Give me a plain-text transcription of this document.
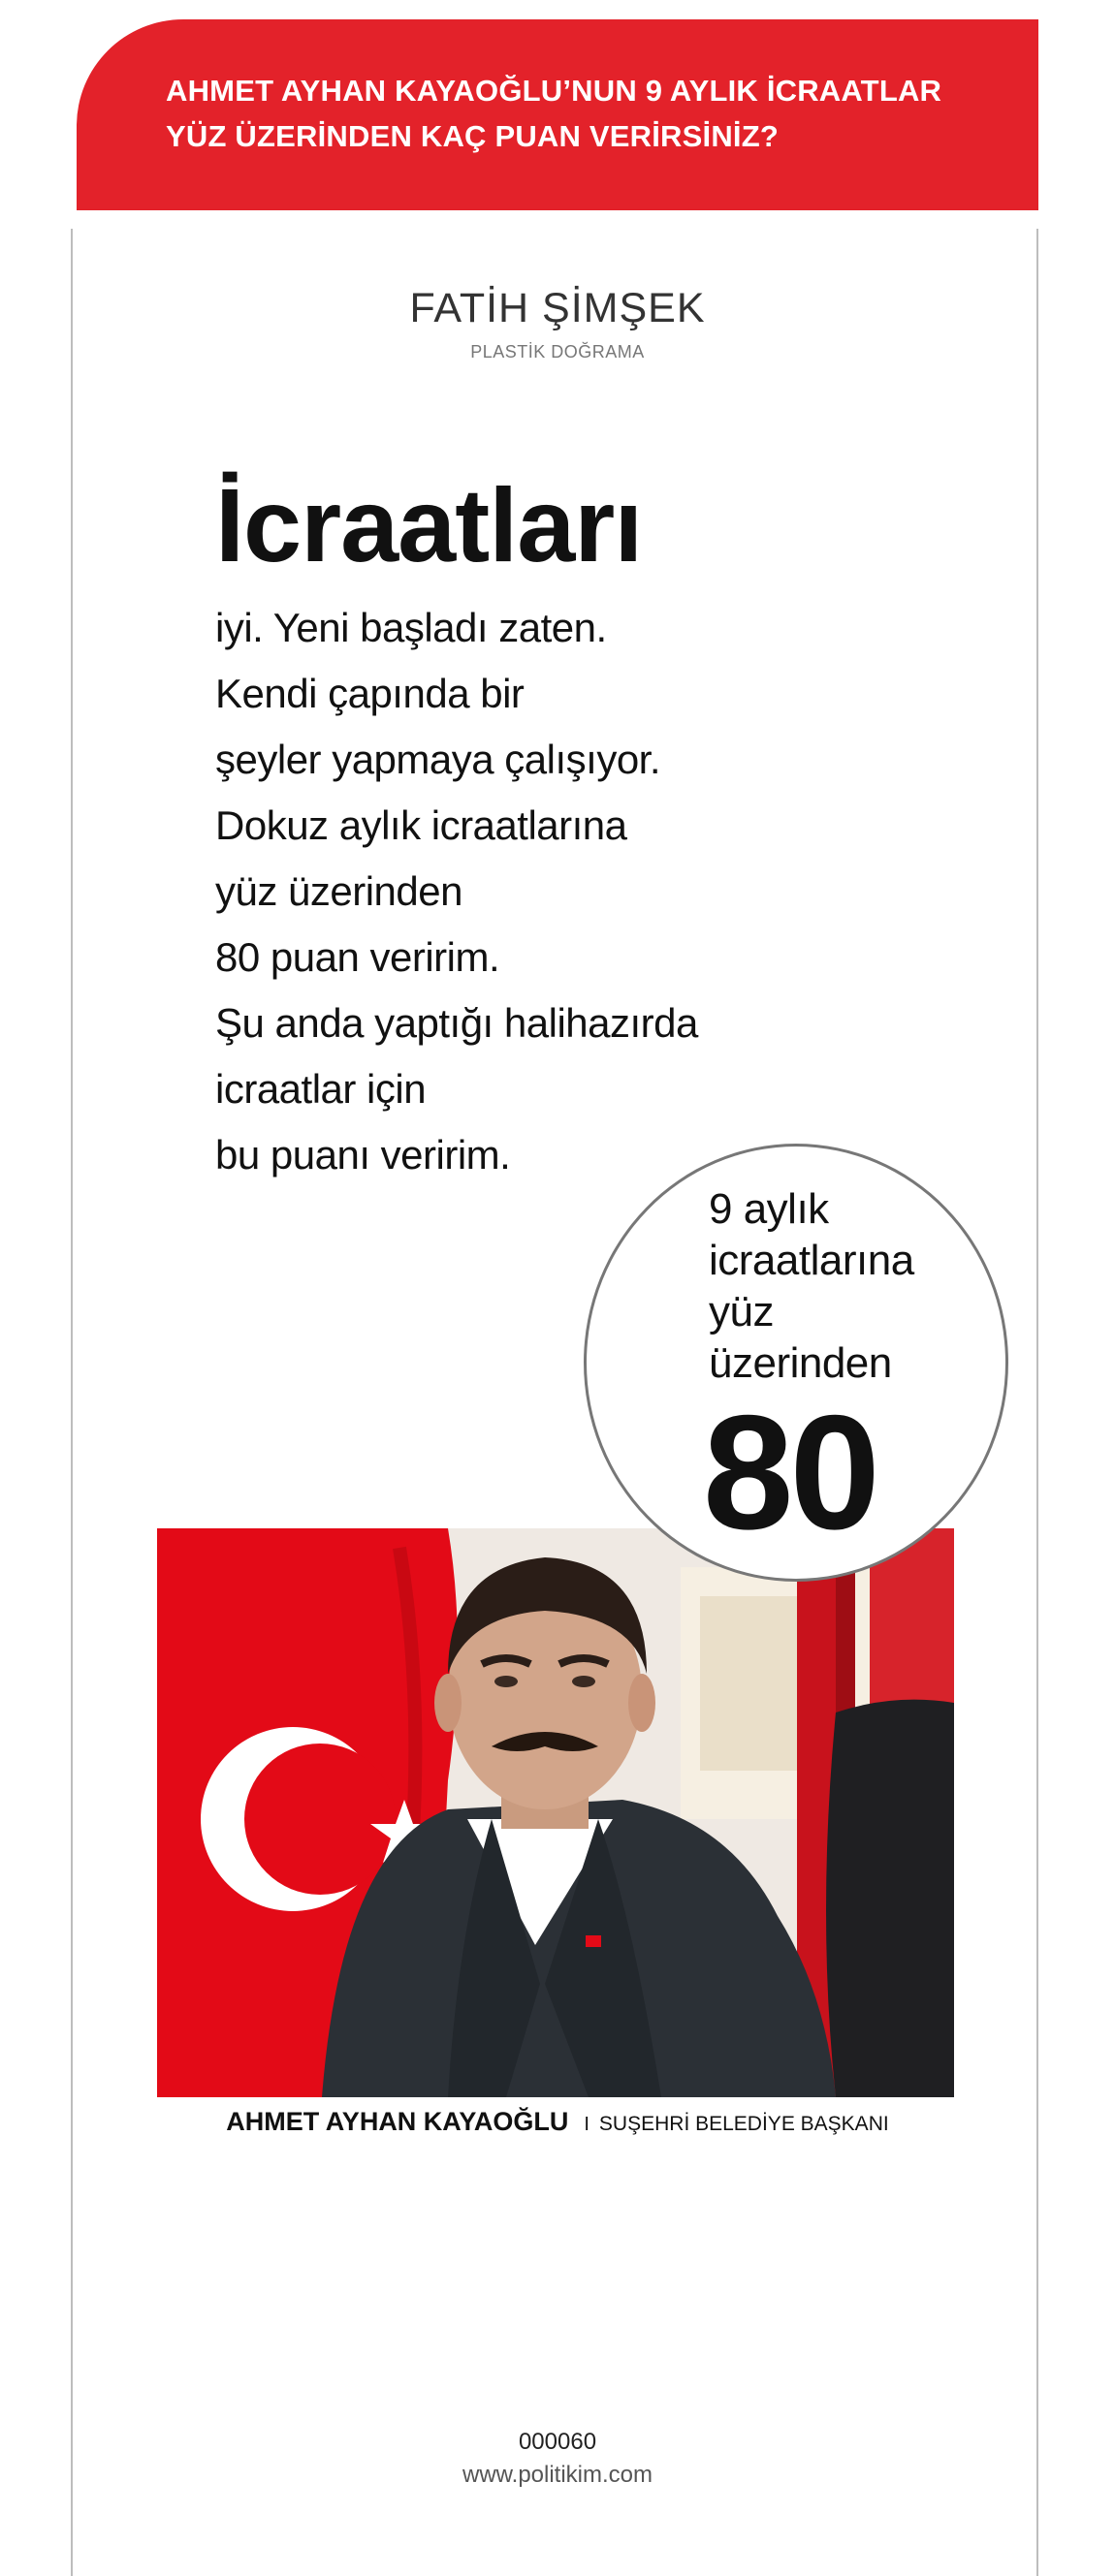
AHMET AYHAN KAYAOĞLU’NUN 9 AYLIK İCRAATLAR
YÜZ ÜZERİNDEN KAÇ PUAN VERİRSİNİZ?
FATİH ŞİMŞEK
PLASTİK DOĞRAMA
İcraatları
iyi. Yeni başladı zaten.
Kendi çapında bir
şeyler yapmaya çalışıyor.
Dokuz aylık icraatlarına
yüz üzerinden
80 puan veririm.
Şu anda yaptığı halihazırda
icraatlar için
bu puanı veririm.
9 aylık
icraatlarına
yüz
üzerinden
80
AHMET AYHAN KAYAOĞLU I SUŞEHRİ BELEDİYE BAŞKANI
000060
www.politikim.com
